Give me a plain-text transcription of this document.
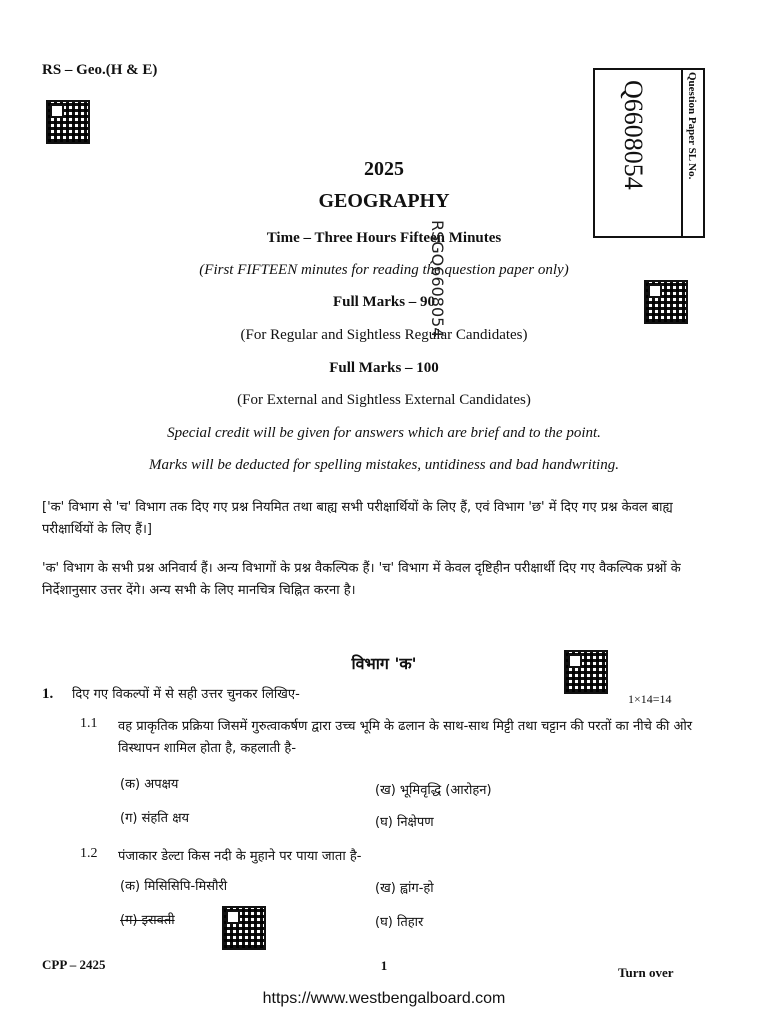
RS – Geo.(H & E)
Q6608054	Question Paper SL No.
2025
GEOGRAPHY
Time – Three Hours Fifteen Minutes
(First FIFTEEN minutes for reading the question paper only)
Full Marks – 90
(For Regular and Sightless Regular Candidates)
Full Marks – 100
(For External and Sightless External Candidates)
Special credit will be given for answers which are brief and to the point.
Marks will be deducted for spelling mistakes, untidiness and bad handwriting.
RSGQ6608054
['क' विभाग से 'च' विभाग तक दिए गए प्रश्न नियमित तथा बाह्य सभी परीक्षार्थियों के लिए हैं, एवं विभाग 'छ' में दिए गए प्रश्न केवल बाह्य परीक्षार्थियों के लिए हैं।]
'क' विभाग के सभी प्रश्न अनिवार्य हैं। अन्य विभागों के प्रश्न वैकल्पिक हैं। 'च' विभाग में केवल दृष्टिहीन परीक्षार्थी दिए गए वैकल्पिक प्रश्नों के निर्देशानुसार उत्तर देंगे। अन्य सभी के लिए मानचित्र चिह्नित करना है।
विभाग 'क'
1. दिए गए विकल्पों में से सही उत्तर चुनकर लिखिए-	1×14=14
1.1 वह प्राकृतिक प्रक्रिया जिसमें गुरुत्वाकर्षण द्वारा उच्च भूमि के ढलान के साथ-साथ मिट्टी तथा चट्टान की परतों का नीचे की ओर विस्थापन शामिल होता है, कहलाती है-
(क) अपक्षय	(ख) भूमिवृद्धि (आरोहन)
(ग) संहति क्षय	(घ) निक्षेपण
1.2 पंजाकार डेल्टा किस नदी के मुहाने पर पाया जाता है-
(क) मिसिसिपि-मिसौरी	(ख) ह्वांग-हो
(ग) इरावती	(घ) तिहार
CPP – 2425	1	Turn over
https://www.westbengalboard.com
